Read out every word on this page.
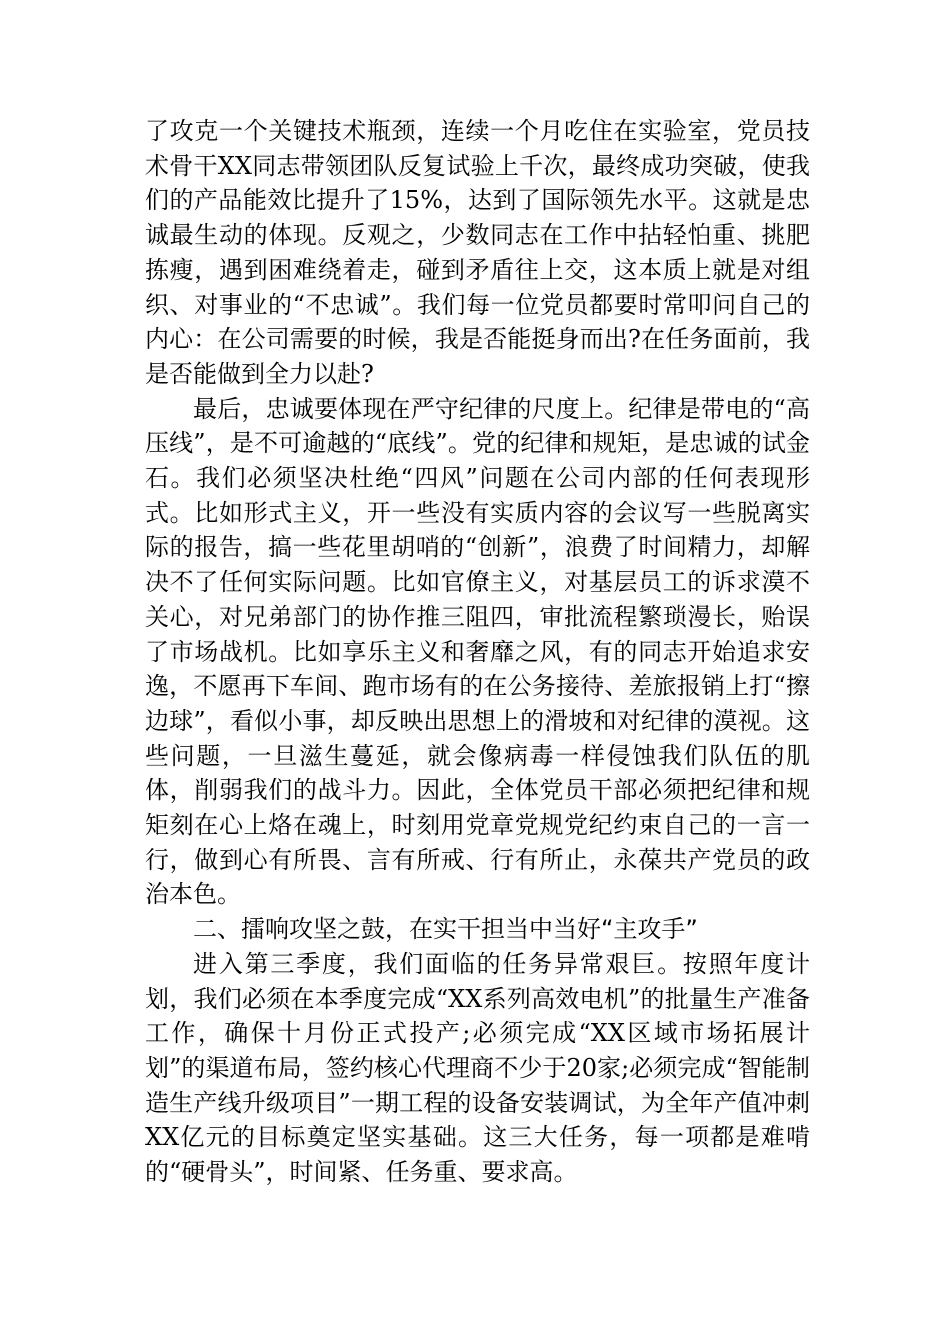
了攻克一个关键技术瓶颈，连续一个月吃住在实验室，党员技术骨干XX同志带领团队反复试验上千次，最终成功突破，使我们的产品能效比提升了15%，达到了国际领先水平。这就是忠诚最生动的体现。反观之，少数同志在工作中拈轻怕重、挑肥拣瘦，遇到困难绕着走，碰到矛盾往上交，这本质上就是对组织、对事业的“不忠诚”。我们每一位党员都要时常叩问自己的内心：在公司需要的时候，我是否能挺身而出?在任务面前，我是否能做到全力以赴?

最后，忠诚要体现在严守纪律的尺度上。纪律是带电的“高压线”，是不可逾越的“底线”。党的纪律和规矩，是忠诚的试金石。我们必须坚决杜绝“四风”问题在公司内部的任何表现形式。比如形式主义，开一些没有实质内容的会议写一些脱离实际的报告，搞一些花里胡哨的“创新”，浪费了时间精力，却解决不了任何实际问题。比如官僚主义，对基层员工的诉求漠不关心，对兄弟部门的协作推三阻四，审批流程繁琐漫长，贻误了市场战机。比如享乐主义和奢靡之风，有的同志开始追求安逸，不愿再下车间、跑市场有的在公务接待、差旅报销上打“擦边球”，看似小事，却反映出思想上的滑坡和对纪律的漠视。这些问题，一旦滋生蔓延，就会像病毒一样侵蚀我们队伍的肌体，削弱我们的战斗力。因此，全体党员干部必须把纪律和规矩刻在心上烙在魂上，时刻用党章党规党纪约束自己的一言一行，做到心有所畏、言有所戒、行有所止，永葆共产党员的政治本色。

二、擂响攻坚之鼓，在实干担当中当好“主攻手”

进入第三季度，我们面临的任务异常艰巨。按照年度计划，我们必须在本季度完成“XX系列高效电机”的批量生产准备工作，确保十月份正式投产;必须完成“XX区域市场拓展计划”的渠道布局，签约核心代理商不少于20家;必须完成“智能制造生产线升级项目”一期工程的设备安装调试，为全年产值冲刺XX亿元的目标奠定坚实基础。这三大任务，每一项都是难啃的“硬骨头”，时间紧、任务重、要求高。
